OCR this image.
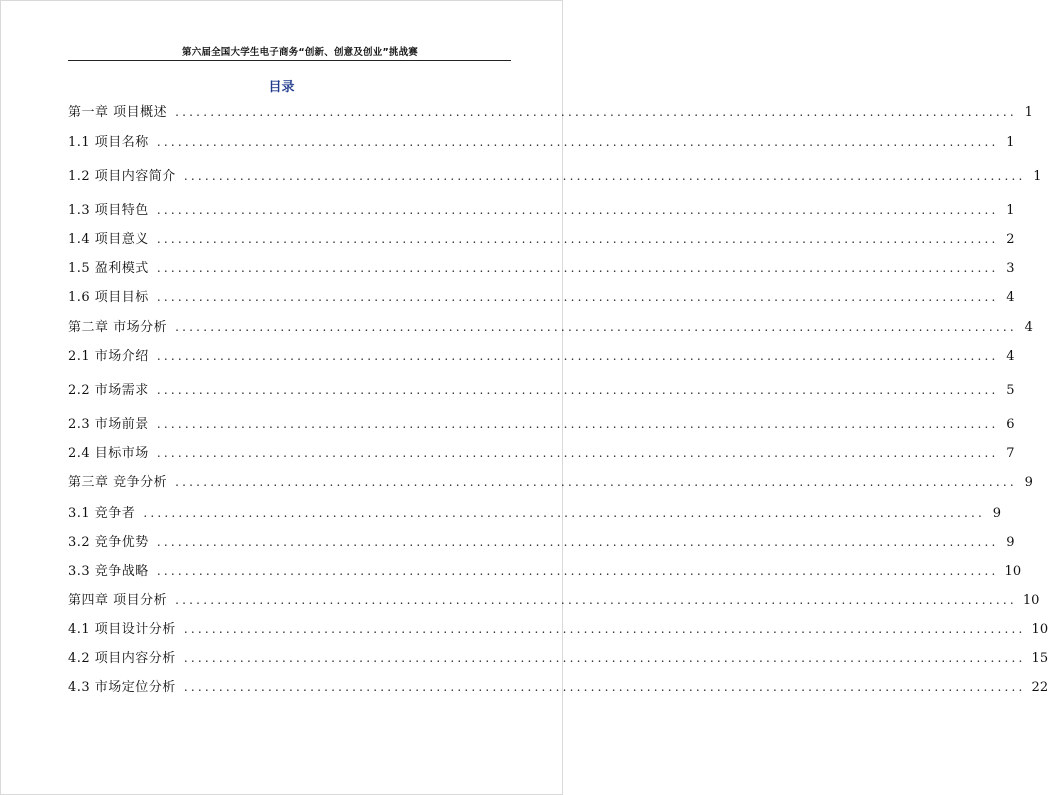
第六届全国大学生电子商务“创新、创意及创业”挑战赛
目录
第一章 项目概述 ........................................................................................................................ 1
1.1 项目名称 ........................................................................................................................ 1
1.2 项目内容简介 ........................................................................................................................ 1
1.3 项目特色 ........................................................................................................................ 1
1.4 项目意义 ........................................................................................................................ 2
1.5 盈利模式 ........................................................................................................................ 3
1.6 项目目标 ........................................................................................................................ 4
第二章 市场分析 ........................................................................................................................ 4
2.1 市场介绍 ........................................................................................................................ 4
2.2 市场需求 ........................................................................................................................ 5
2.3 市场前景 ........................................................................................................................ 6
2.4 目标市场 ........................................................................................................................ 7
第三章 竞争分析 ........................................................................................................................ 9
3.1 竞争者 ........................................................................................................................ 9
3.2 竞争优势 ........................................................................................................................ 9
3.3 竞争战略 ........................................................................................................................ 10
第四章 项目分析 ........................................................................................................................ 10
4.1 项目设计分析 ........................................................................................................................ 10
4.2 项目内容分析 ........................................................................................................................ 15
4.3 市场定位分析 ........................................................................................................................ 22
